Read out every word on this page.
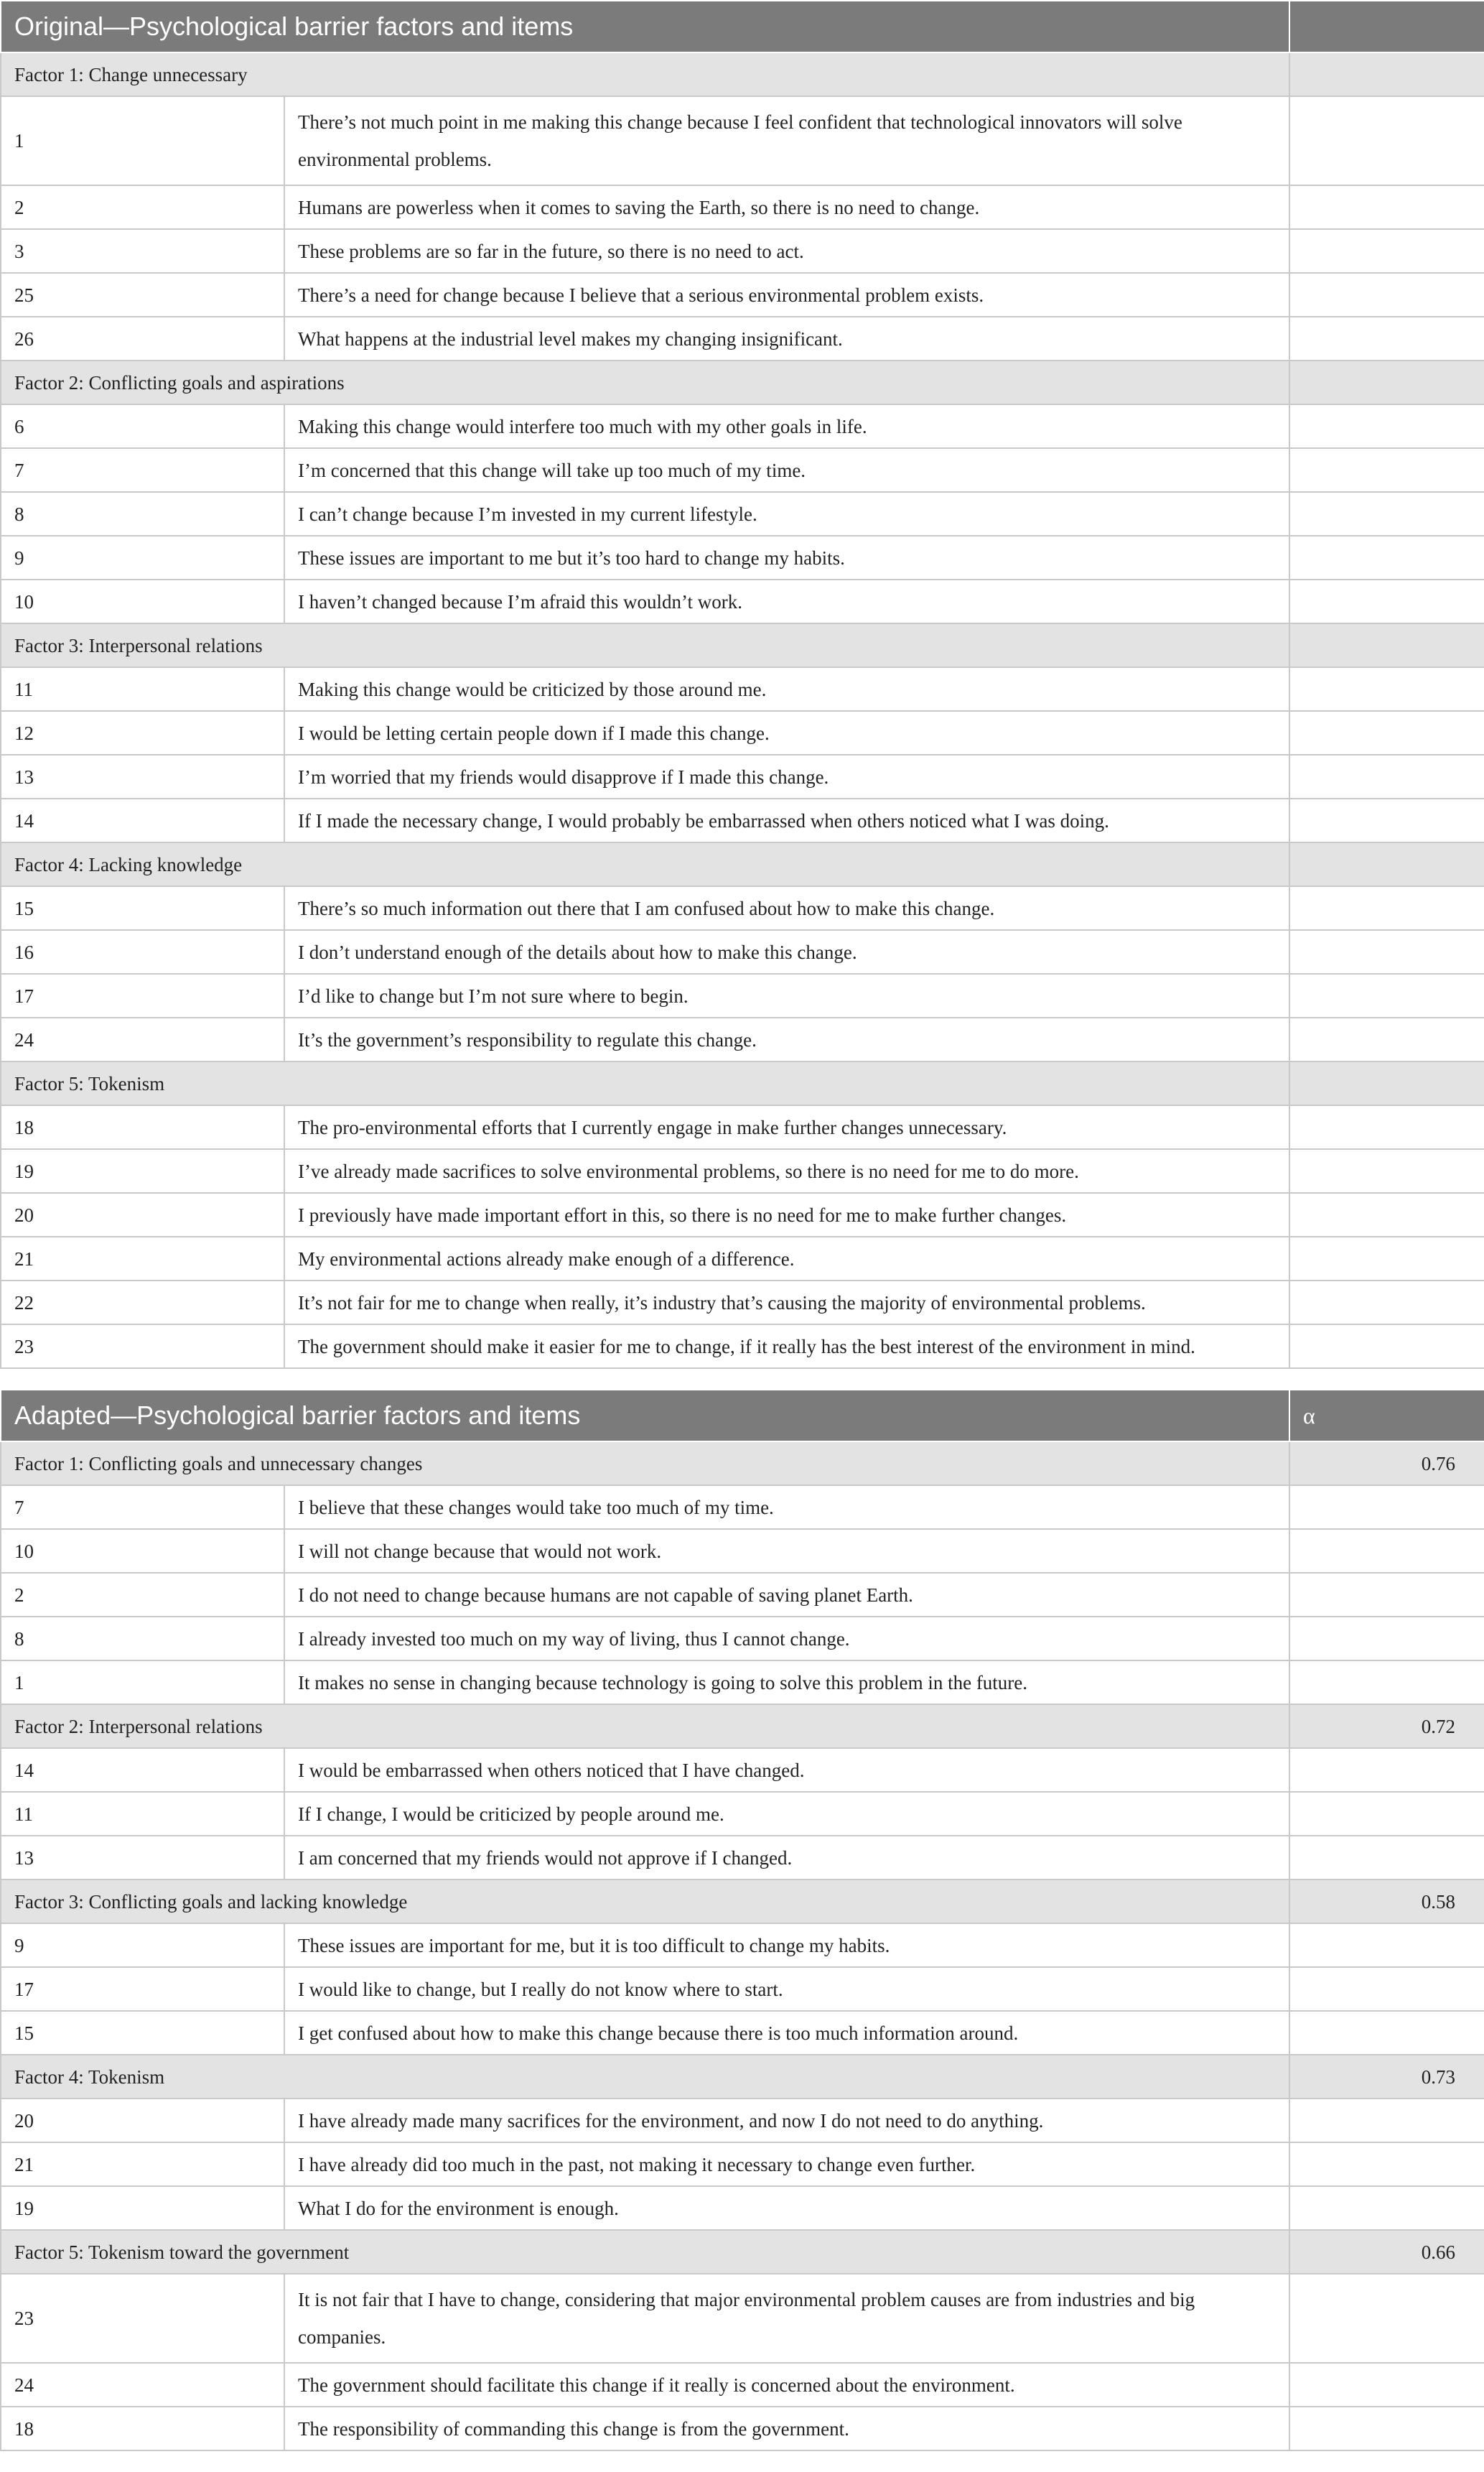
Original—Psychological barrier factors and items		
Factor 1: Change unnecessary		
1	There’s not much point in me making this change because I feel confident that technological innovators will solve environmental problems.	
2	Humans are powerless when it comes to saving the Earth, so there is no need to change.	
3	These problems are so far in the future, so there is no need to act.	
25	There’s a need for change because I believe that a serious environmental problem exists.	
26	What happens at the industrial level makes my changing insignificant.	
Factor 2: Conflicting goals and aspirations		
6	Making this change would interfere too much with my other goals in life.	
7	I’m concerned that this change will take up too much of my time.	
8	I can’t change because I’m invested in my current lifestyle.	
9	These issues are important to me but it’s too hard to change my habits.	
10	I haven’t changed because I’m afraid this wouldn’t work.	
Factor 3: Interpersonal relations		
11	Making this change would be criticized by those around me.	
12	I would be letting certain people down if I made this change.	
13	I’m worried that my friends would disapprove if I made this change.	
14	If I made the necessary change, I would probably be embarrassed when others noticed what I was doing.	
Factor 4: Lacking knowledge		
15	There’s so much information out there that I am confused about how to make this change.	
16	I don’t understand enough of the details about how to make this change.	
17	I’d like to change but I’m not sure where to begin.	
24	It’s the government’s responsibility to regulate this change.	
Factor 5: Tokenism		
18	The pro-environmental efforts that I currently engage in make further changes unnecessary.	
19	I’ve already made sacrifices to solve environmental problems, so there is no need for me to do more.	
20	I previously have made important effort in this, so there is no need for me to make further changes.	
21	My environmental actions already make enough of a difference.	
22	It’s not fair for me to change when really, it’s industry that’s causing the majority of environmental problems.	
23	The government should make it easier for me to change, if it really has the best interest of the environment in mind.	
Adapted—Psychological barrier factors and items		α
Factor 1: Conflicting goals and unnecessary changes		0.76
7	I believe that these changes would take too much of my time.	
10	I will not change because that would not work.	
2	I do not need to change because humans are not capable of saving planet Earth.	
8	I already invested too much on my way of living, thus I cannot change.	
1	It makes no sense in changing because technology is going to solve this problem in the future.	
Factor 2: Interpersonal relations		0.72
14	I would be embarrassed when others noticed that I have changed.	
11	If I change, I would be criticized by people around me.	
13	I am concerned that my friends would not approve if I changed.	
Factor 3: Conflicting goals and lacking knowledge		0.58
9	These issues are important for me, but it is too difficult to change my habits.	
17	I would like to change, but I really do not know where to start.	
15	I get confused about how to make this change because there is too much information around.	
Factor 4: Tokenism		0.73
20	I have already made many sacrifices for the environment, and now I do not need to do anything.	
21	I have already did too much in the past, not making it necessary to change even further.	
19	What I do for the environment is enough.	
Factor 5: Tokenism toward the government		0.66
23	It is not fair that I have to change, considering that major environmental problem causes are from industries and big companies.	
24	The government should facilitate this change if it really is concerned about the environment.	
18	The responsibility of commanding this change is from the government.	
